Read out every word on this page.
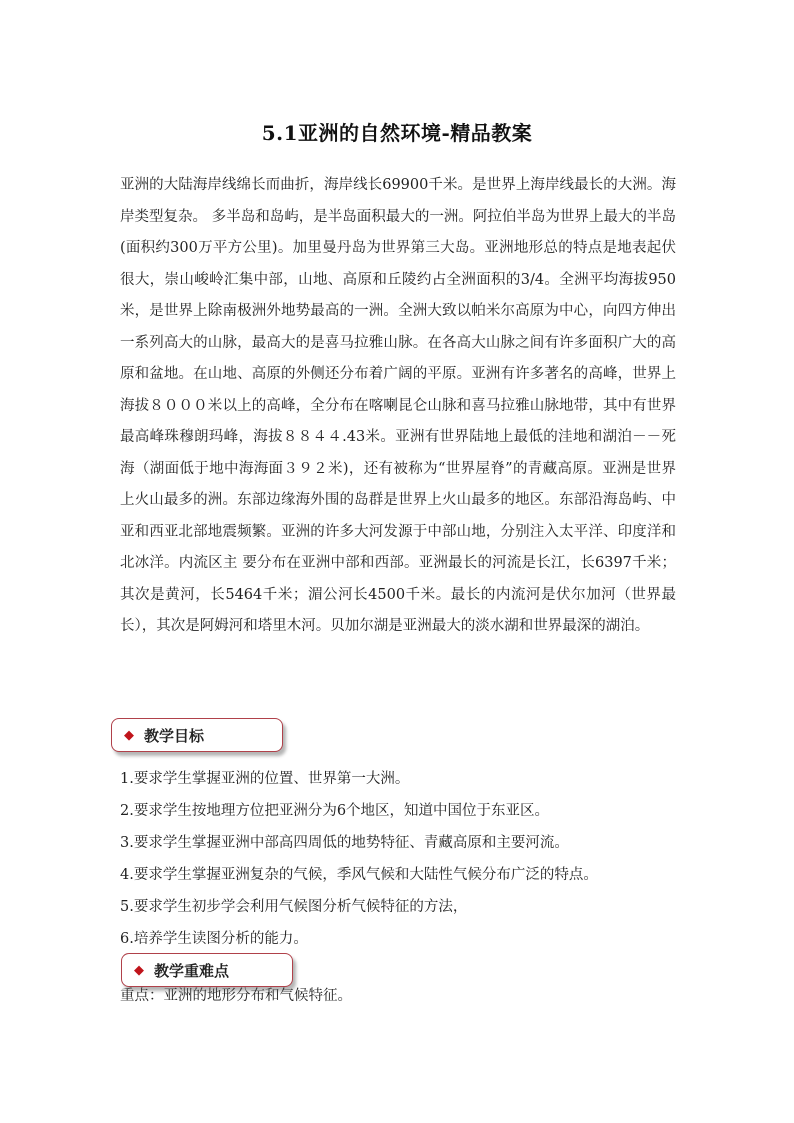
5.1亚洲的自然环境-精品教案

亚洲的大陆海岸线绵长而曲折，海岸线长69900千米。是世界上海岸线最长的大洲。海岸类型复杂。 多半岛和岛屿，是半岛面积最大的一洲。阿拉伯半岛为世界上最大的半岛(面积约300万平方公里)。加里曼丹岛为世界第三大岛。亚洲地形总的特点是地表起伏很大，崇山峻岭汇集中部，山地、高原和丘陵约占全洲面积的3/4。全洲平均海拔950米，是世界上除南极洲外地势最高的一洲。全洲大致以帕米尔高原为中心，向四方伸出一系列高大的山脉，最高大的是喜马拉雅山脉。在各高大山脉之间有许多面积广大的高原和盆地。在山地、高原的外侧还分布着广阔的平原。亚洲有许多著名的高峰，世界上海拔８０００米以上的高峰，全分布在喀喇昆仑山脉和喜马拉雅山脉地带，其中有世界最高峰珠穆朗玛峰，海拔８８４４.43米。亚洲有世界陆地上最低的洼地和湖泊－－死海（湖面低于地中海海面３９２米)，还有被称为“世界屋脊”的青藏高原。亚洲是世界上火山最多的洲。东部边缘海外围的岛群是世界上火山最多的地区。东部沿海岛屿、中亚和西亚北部地震频繁。亚洲的许多大河发源于中部山地，分别注入太平洋、印度洋和北冰洋。内流区主 要分布在亚洲中部和西部。亚洲最长的河流是长江，长6397千米；其次是黄河，长5464千米；湄公河长4500千米。最长的内流河是伏尔加河（世界最长），其次是阿姆河和塔里木河。贝加尔湖是亚洲最大的淡水湖和世界最深的湖泊。

◆ 教学目标
1.要求学生掌握亚洲的位置、世界第一大洲。
2.要求学生按地理方位把亚洲分为6个地区，知道中国位于东亚区。
3.要求学生掌握亚洲中部高四周低的地势特征、青藏高原和主要河流。
4.要求学生掌握亚洲复杂的气候，季风气候和大陆性气候分布广泛的特点。
5.要求学生初步学会利用气候图分析气候特征的方法，
6.培养学生读图分析的能力。

重点：亚洲的地形分布和气候特征。

◆ 教学重难点
